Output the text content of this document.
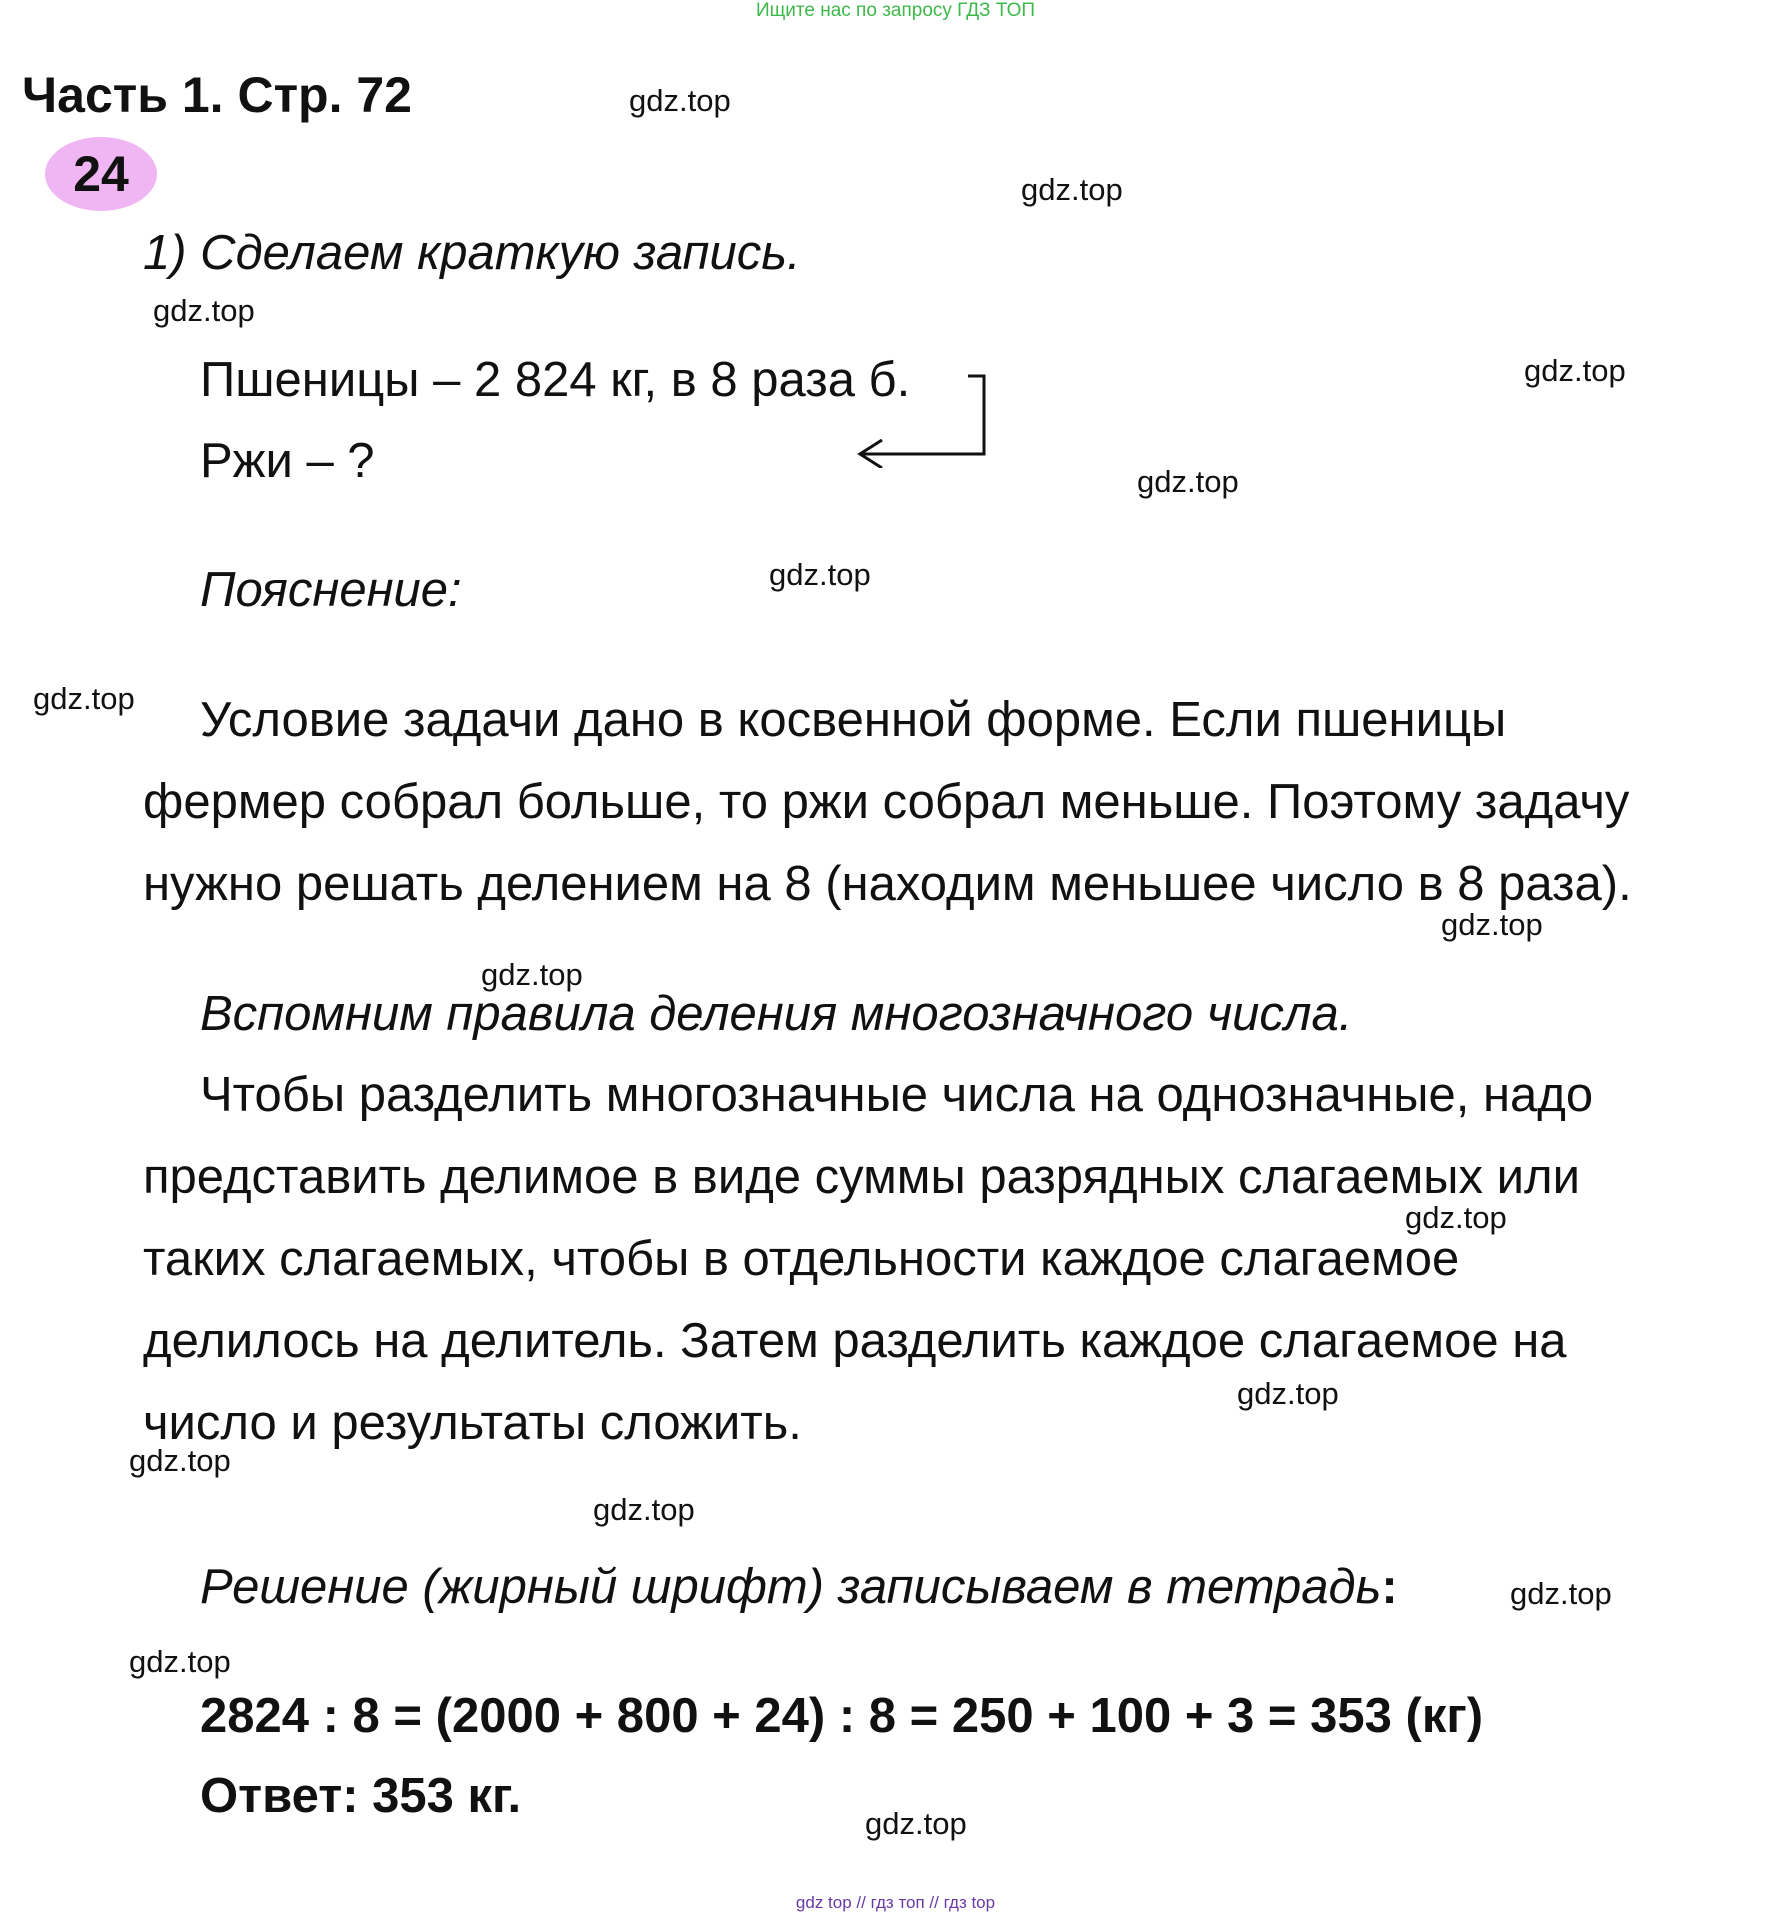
Ищите нас по запросу ГДЗ ТОП
Часть 1. Стр. 72
24
1) Сделаем краткую запись.
Пшеницы – 2 824 кг, в 8 раза б.
Ржи – ?
Пояснение:
Условие задачи дано в косвенной форме. Если пшеницы
фермер собрал больше, то ржи собрал меньше. Поэтому задачу
нужно решать делением на 8 (находим меньшее число в 8 раза).
Вспомним правила деления многозначного числа.
Чтобы разделить многозначные числа на однозначные, надо
представить делимое в виде суммы разрядных слагаемых или
таких слагаемых, чтобы в отдельности каждое слагаемое
делилось на делитель. Затем разделить каждое слагаемое на
число и результаты сложить.
Решение (жирный шрифт) записываем в тетрадь:
2824 : 8 = (2000 + 800 + 24) : 8 = 250 + 100 + 3 = 353 (кг)
Ответ: 353 кг.
gdz.top
gdz.top
gdz.top
gdz.top
gdz.top
gdz.top
gdz.top
gdz.top
gdz.top
gdz.top
gdz.top
gdz.top
gdz.top
gdz.top
gdz.top
gdz.top
gdz top // гдз топ // гдз top
